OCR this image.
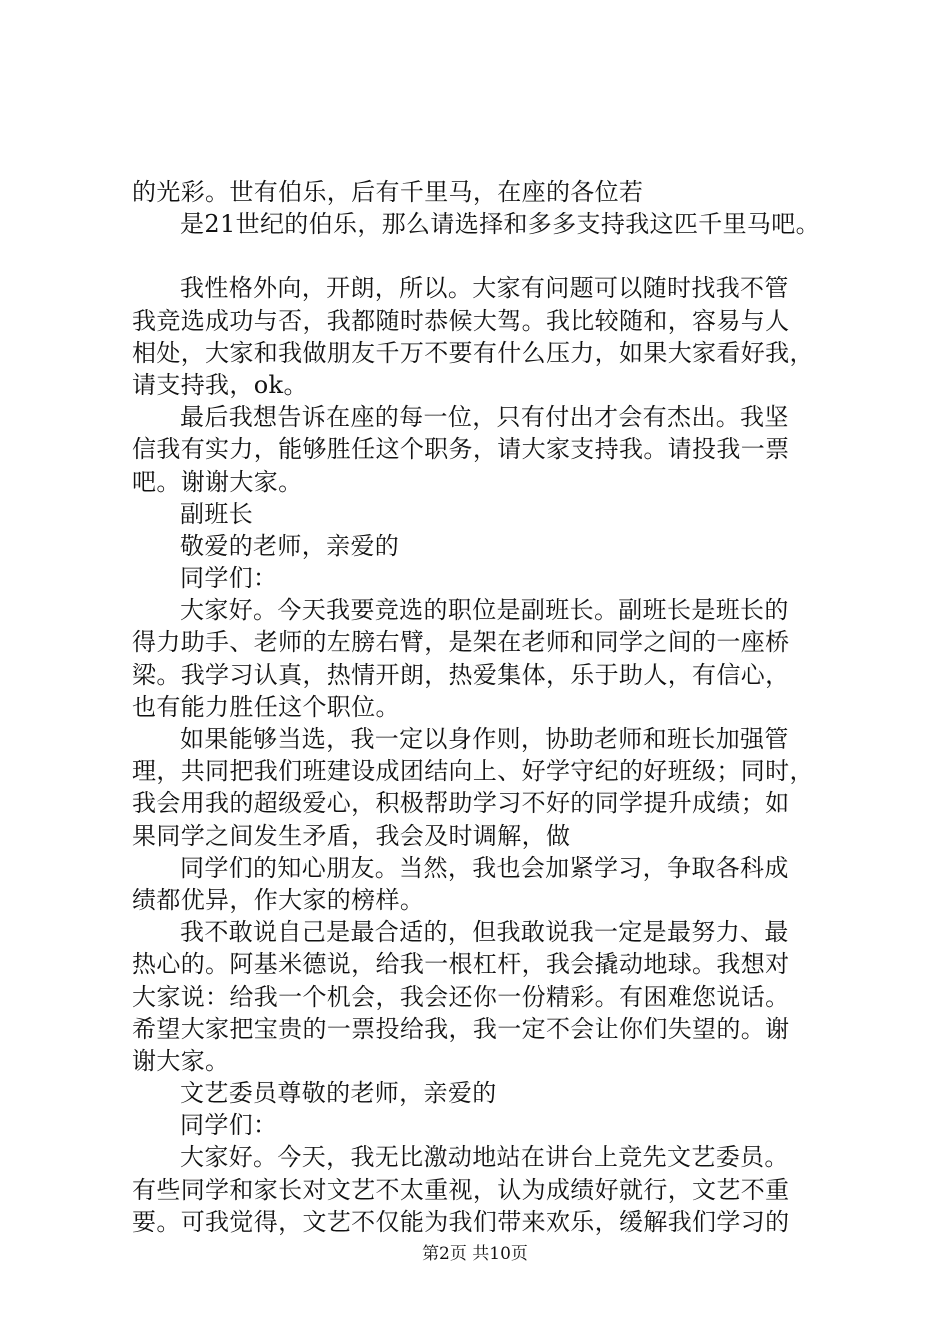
的光彩。世有伯乐，后有千里马，在座的各位若
是21世纪的伯乐，那么请选择和多多支持我这匹千里马吧。
我性格外向，开朗，所以。大家有问题可以随时找我不管
我竞选成功与否，我都随时恭候大驾。我比较随和，容易与人
相处，大家和我做朋友千万不要有什么压力，如果大家看好我，
请支持我，ok。
最后我想告诉在座的每一位，只有付出才会有杰出。我坚
信我有实力，能够胜任这个职务，请大家支持我。请投我一票
吧。谢谢大家。
副班长
敬爱的老师，亲爱的
同学们：
大家好。今天我要竞选的职位是副班长。副班长是班长的
得力助手、老师的左膀右臂，是架在老师和同学之间的一座桥
梁。我学习认真，热情开朗，热爱集体，乐于助人，有信心，
也有能力胜任这个职位。
如果能够当选，我一定以身作则，协助老师和班长加强管
理，共同把我们班建设成团结向上、好学守纪的好班级；同时，
我会用我的超级爱心，积极帮助学习不好的同学提升成绩；如
果同学之间发生矛盾，我会及时调解，做
同学们的知心朋友。当然，我也会加紧学习，争取各科成
绩都优异，作大家的榜样。
我不敢说自己是最合适的，但我敢说我一定是最努力、最
热心的。阿基米德说，给我一根杠杆，我会撬动地球。我想对
大家说：给我一个机会，我会还你一份精彩。有困难您说话。
希望大家把宝贵的一票投给我，我一定不会让你们失望的。谢
谢大家。
文艺委员尊敬的老师，亲爱的
同学们：
大家好。今天，我无比激动地站在讲台上竞先文艺委员。
有些同学和家长对文艺不太重视，认为成绩好就行，文艺不重
要。可我觉得，文艺不仅能为我们带来欢乐，缓解我们学习的
第2页 共10页
